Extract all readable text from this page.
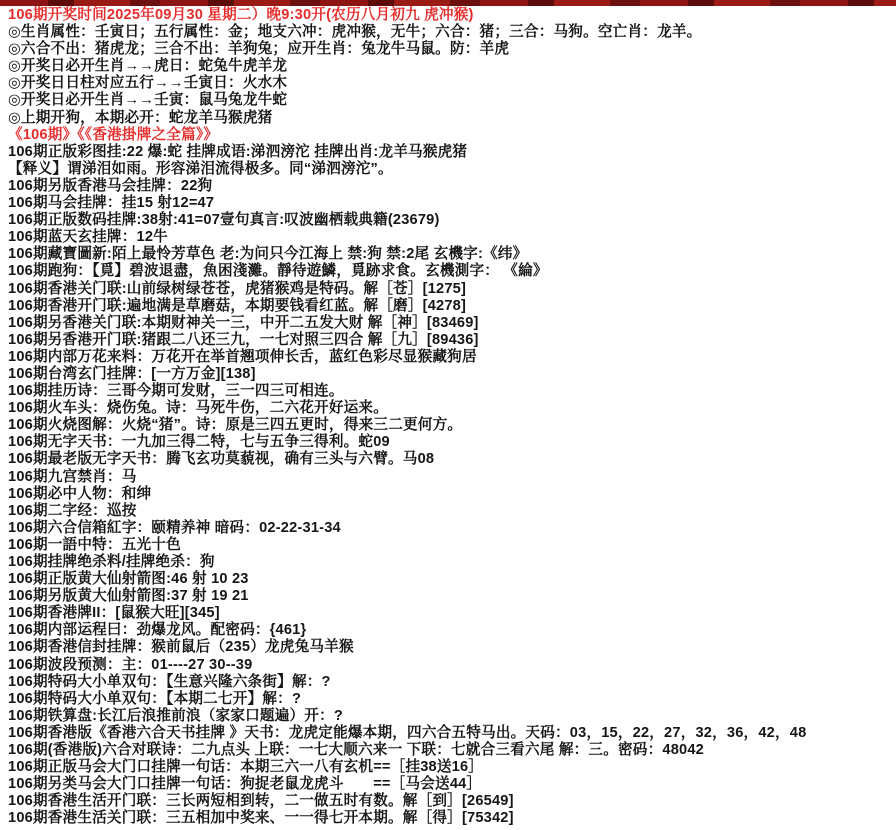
106期开奖时间2025年09月30 星期二）晚9:30开(农历八月初九 虎冲猴)
◎生肖属性：壬寅日；五行属性：金；地支六冲：虎冲猴，无牛；六合：猪；三合：马狗。空亡肖：龙羊。
◎六合不出：猪虎龙；三合不出：羊狗兔；应开生肖：兔龙牛马鼠。防：羊虎
◎开奖日必开生肖→→虎日：蛇兔牛虎羊龙
◎开奖日日柱对应五行→→壬寅日：火水木
◎开奖日必开生肖→→壬寅：鼠马兔龙牛蛇
◎上期开狗，本期必开：蛇龙羊马猴虎猪
《106期》《《香港掛牌之全篇》》
106期正版彩图挂:22 爆:蛇 挂牌成语:涕泗滂沱 挂牌出肖:龙羊马猴虎猪
【释义】谓涕泪如雨。形容涕泪流得极多。同“涕泗滂沱”。
106期另版香港马会挂牌：22狗
106期马会挂牌：挂15 射12=47
106期正版数码挂牌:38射:41=07壹句真言:叹波幽栖载典籍(23679)
106期蓝天玄挂牌：12牛
106期藏寶圖新:陌上最怜芳草色 老:为问只今江海上 禁:狗 禁:2尾 玄機字:《纬》
106期跑狗：【覓】碧波退盡，魚困淺灘。靜待遊鱗，覓跡求食。玄機測字： 《綸》
106期香港关门联:山前绿树绿苍苍，虎猪猴鸡是特码。解［苍］[1275]
106期香港开门联:遍地满是草磨菇，本期要钱看红蓝。解［磨］[4278]
106期另香港关门联:本期财神关一三，中开二五发大财 解［神］[83469]
106期另香港开门联:猪跟二八还三九，一七对照三四合 解［九］[89436]
106期内部万花来料：万花开在举首翘项伸长舌，蓝红色彩尽显猴藏狗居
106期台湾玄门挂牌：[一方万金][138]
106期挂历诗：三哥今期可发财，三一四三可相连。
106期火车头：烧伤兔。诗：马死牛伤，二六花开好运来。
106期火烧图解：火烧“猪”。诗：原是三四五更时，得来三二更何方。
106期无字天书：一九加三得二特，七与五争三得利。蛇09
106期最老版无字天书：腾飞玄功莫藐视，确有三头与六臂。马08
106期九宫禁肖：马
106期必中人物：和绅
106期二字经：巡按
106期六合信箱紅字：颐精养神 暗码：02-22-31-34
106期一語中特：五光十色
106期挂牌绝杀料/挂牌绝杀：狗
106期正版黄大仙射箭图:46 射 10 23
106期另版黄大仙射箭图:37 射 19 21
106期香港牌II：[鼠猴大旺][345]
106期内部运程曰：劲爆龙风。配密码：{461}
106期香港信封挂牌：猴前鼠后（235）龙虎兔马羊猴
106期波段预测：主：01----27 30--39
106期特码大小单双句：【生意兴隆六条街】解：?
106期特码大小单双句：【本期二七开】解：?
106期铁算盘:长江后浪推前浪（家家口题遍）开：?
106期香港版《香港六合天书挂牌 》天书：龙虎定能爆本期，四六合五特马出。天码：03，15，22，27，32，36，42，48
106期(香港版)六合对联诗：二九点头 上联：一七大顺六来一 下联：七就合三看六尾 解：三。密码：48042
106期正版马会大门口挂牌一句话：本期三六一八有玄机==［挂38送16］
106期另类马会大门口挂牌一句话：狗捉老鼠龙虎斗　　==［马会送44］
106期香港生活开门联：三长两短相到转，二一做五时有数。解［到］[26549]
106期香港生活关门联：三五相加中奖来、一一得七开本期。解［得］[75342]
